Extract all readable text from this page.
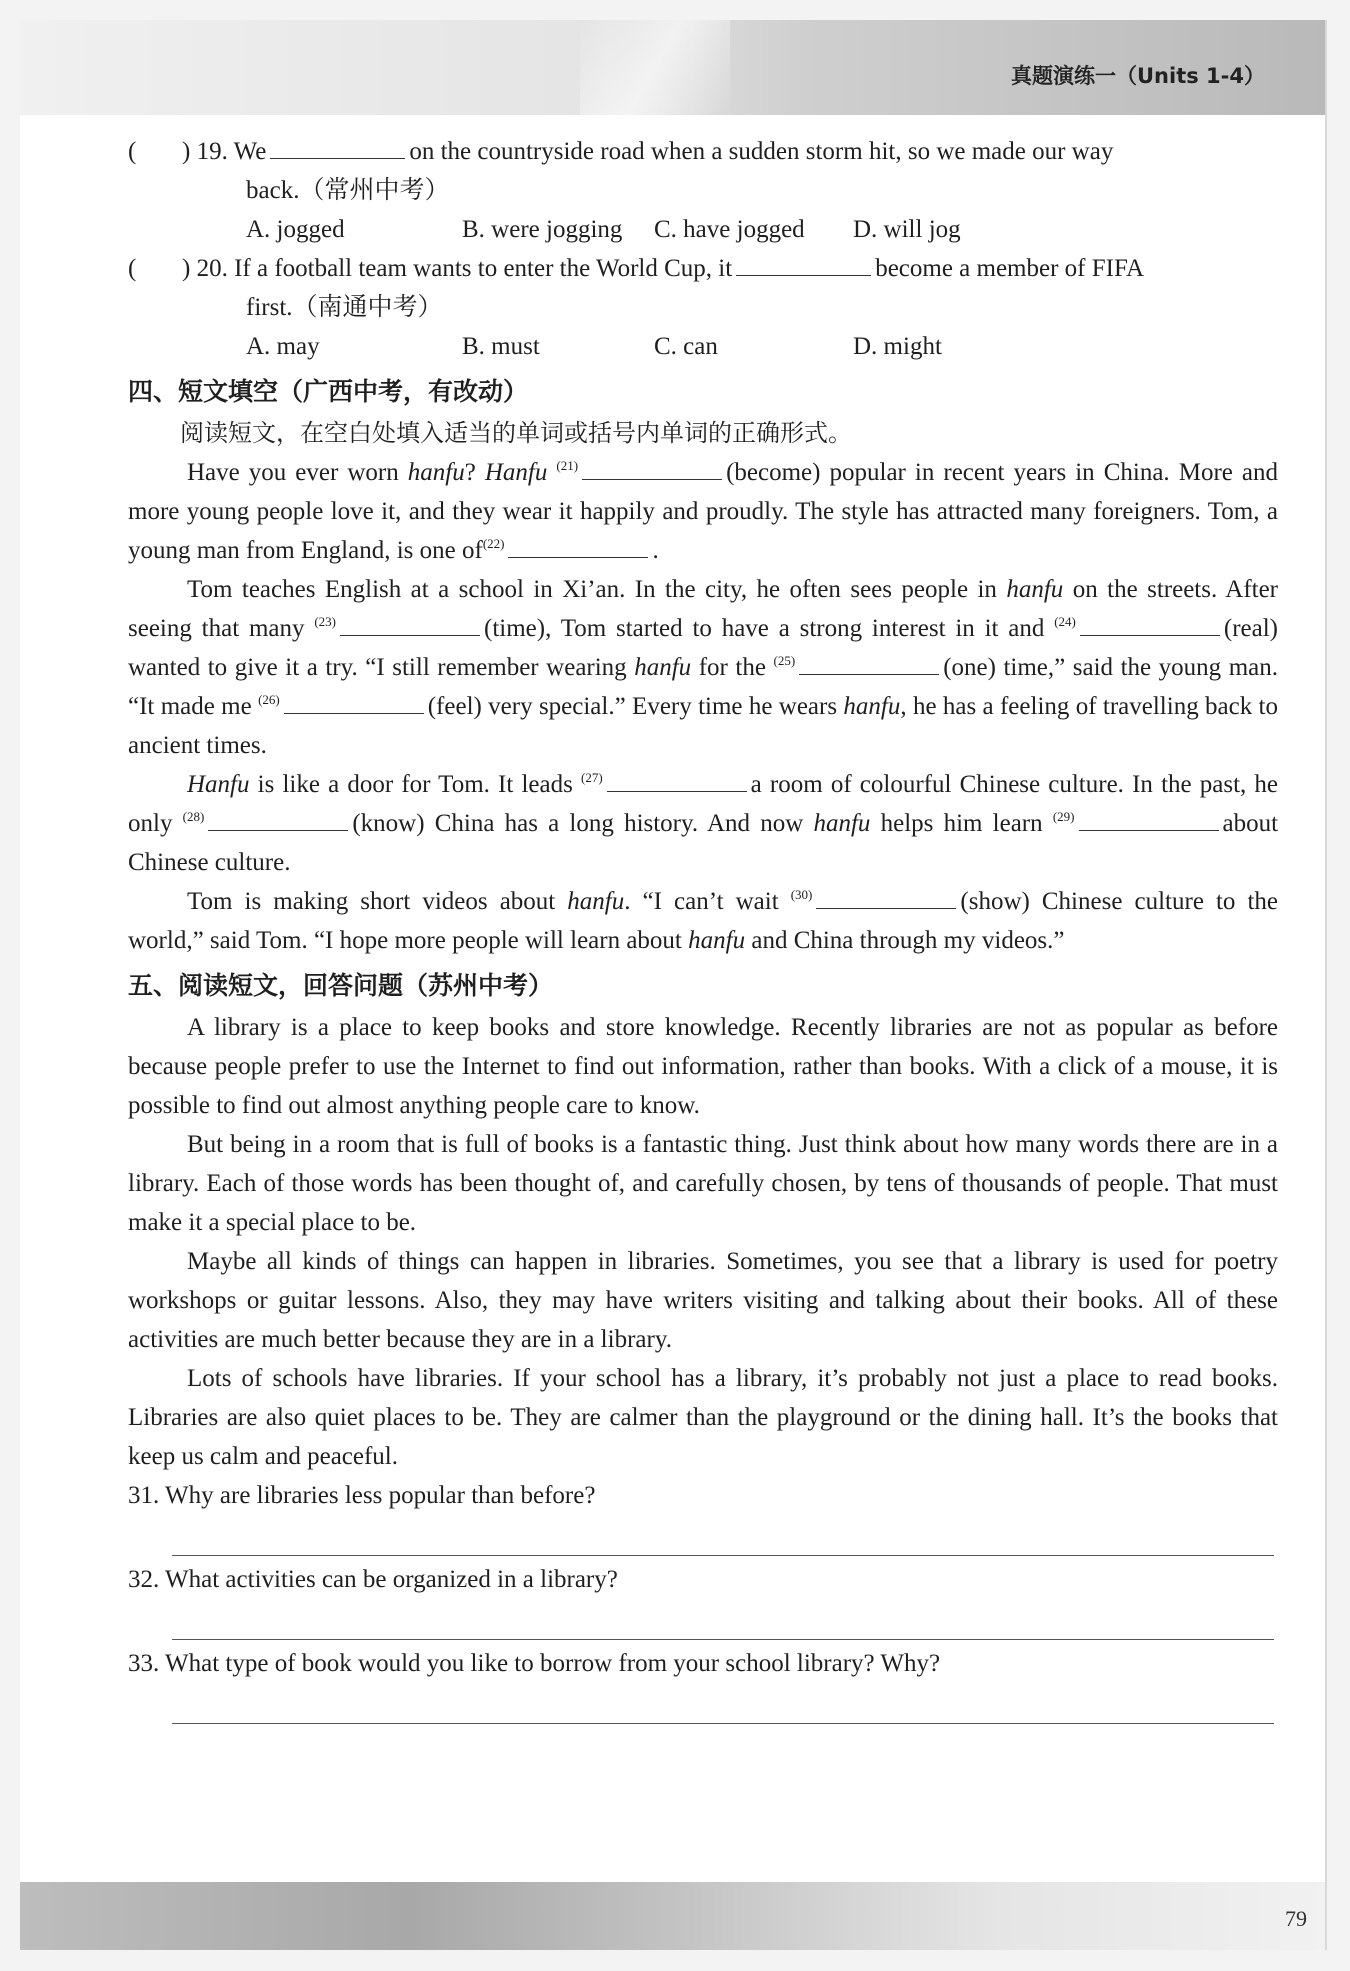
真题演练一（Units 1-4）
( ) 19. We	on the countryside road when a sudden storm hit, so we made our way
back.（常州中考）
A. jogged	B. were jogging C. have jogged D. will jog
( ) 20. If a football team wants to enter the World Cup, it	become a member of FIFA
first.（南通中考）
A. may	B. must	C. can	D. might
四、短文填空（广西中考，有改动）
阅读短文，在空白处填入适当的单词或括号内单词的正确形式。

Have you ever worn hanfu? Hanfu $^{(21)}$	(become) popular in recent years in China. More and more young people love it, and they wear it happily and proudly. The style has attracted many foreigners. Tom, a young man from England, is one $of^{(22)}$	.

Tom teaches English at a school in Xi’an. In the city, he often sees people in hanfu on the streets. After seeing that many $^{(23)}$	(time), Tom started to have a strong interest in it and $^{(24)}$	(real) wanted to give it a try. “I still remember wearing hanfu for the $^{(25)}$	(one) time,” said the young man. “It made me $^{(26)}$	(feel) very special.” Every time he wears hanfu, he has a feeling of travelling back to ancient times.

Hanfu is like a door for Tom. It leads $^{(27)}$	a room of colourful Chinese culture. In the past, he only $^{(28)}$	(know) China has a long history. And now hanfu helps him learn $^{(29)}$	about Chinese culture.

Tom is making short videos about hanfu. “I can’t wait $^{(30)}$	(show) Chinese culture to the world,” said Tom. “I hope more people will learn about hanfu and China through my videos.”

五、阅读短文，回答问题（苏州中考）

A library is a place to keep books and store knowledge. Recently libraries are not as popular as before because people prefer to use the Internet to find out information, rather than books. With a click of a mouse, it is possible to find out almost anything people care to know.

But being in a room that is full of books is a fantastic thing. Just think about how many words there are in a library. Each of those words has been thought of, and carefully chosen, by tens of thousands of people. That must make it a special place to be.

Maybe all kinds of things can happen in libraries. Sometimes, you see that a library is used for poetry workshops or guitar lessons. Also, they may have writers visiting and talking about their books. All of these activities are much better because they are in a library.

Lots of schools have libraries. If your school has a library, it’s probably not just a place to read books. Libraries are also quiet places to be. They are calmer than the playground or the dining hall. It’s the books that keep us calm and peaceful.

31. Why are libraries less popular than before?
32. What activities can be organized in a library?
33. What type of book would you like to borrow from your school library? Why?
79
